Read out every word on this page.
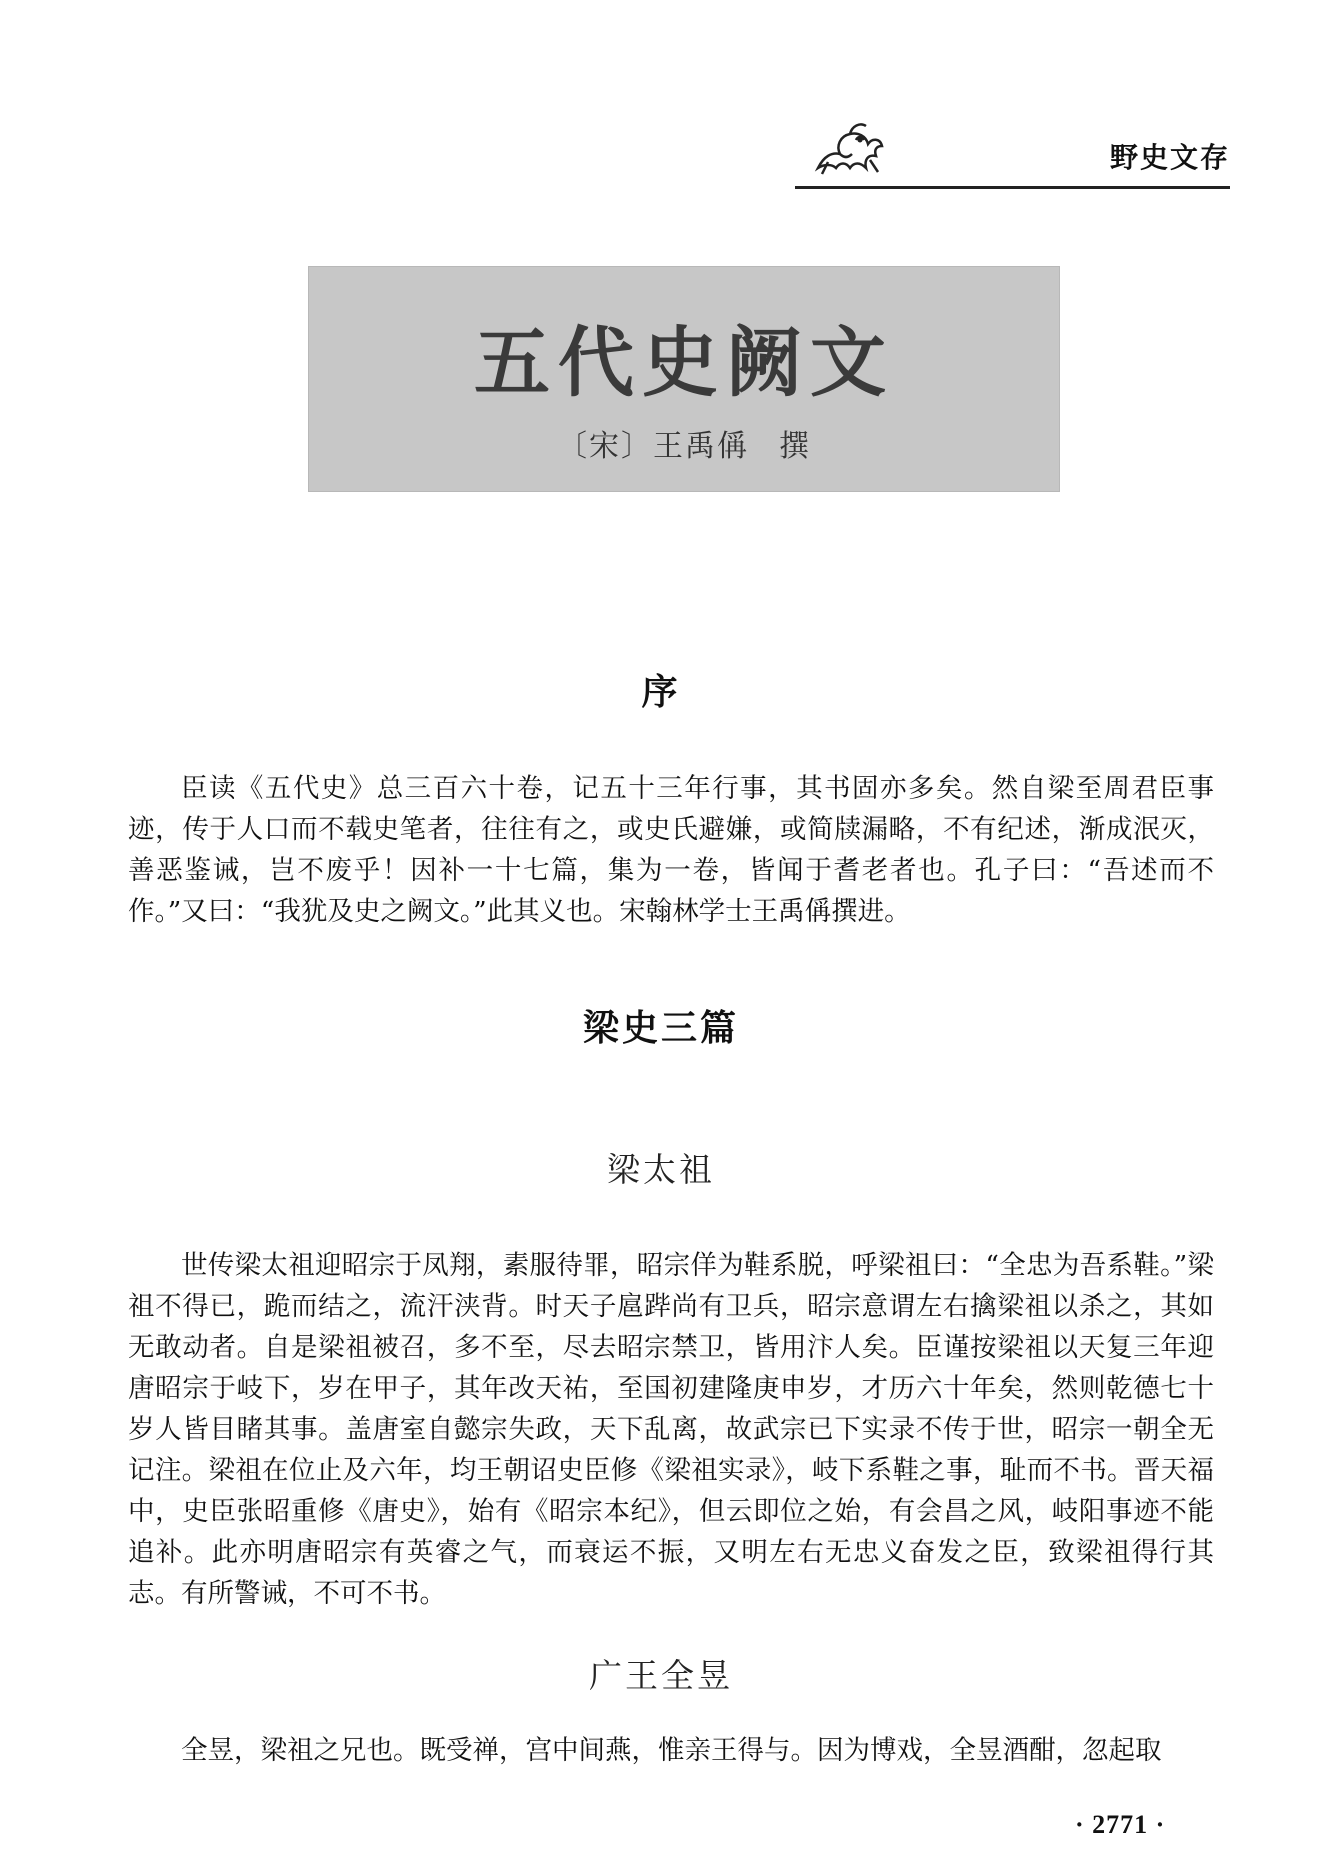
野史文存
五代史阙文
〔宋〕王禹偁 撰
序

臣读《五代史》总三百六十卷，记五十三年行事，其书固亦多矣。然自梁至周君臣事迹，传于人口而不载史笔者，往往有之，或史氏避嫌，或简牍漏略，不有纪述，渐成泯灭，善恶鉴诫，岂不废乎！因补一十七篇，集为一卷，皆闻于耆老者也。孔子曰：“吾述而不作。”又曰：“我犹及史之阙文。”此其义也。宋翰林学士王禹偁撰进。

梁史三篇
梁太祖

世传梁太祖迎昭宗于凤翔，素服待罪，昭宗佯为鞋系脱，呼梁祖曰：“全忠为吾系鞋。”梁祖不得已，跪而结之，流汗浃背。时天子扈跸尚有卫兵，昭宗意谓左右擒梁祖以杀之，其如无敢动者。自是梁祖被召，多不至，尽去昭宗禁卫，皆用汴人矣。臣谨按梁祖以天复三年迎唐昭宗于岐下，岁在甲子，其年改天祐，至国初建隆庚申岁，才历六十年矣，然则乾德七十岁人皆目睹其事。盖唐室自懿宗失政，天下乱离，故武宗已下实录不传于世，昭宗一朝全无记注。梁祖在位止及六年，均王朝诏史臣修《梁祖实录》，岐下系鞋之事，耻而不书。晋天福中，史臣张昭重修《唐史》，始有《昭宗本纪》，但云即位之始，有会昌之风，岐阳事迹不能追补。此亦明唐昭宗有英睿之气，而衰运不振，又明左右无忠义奋发之臣，致梁祖得行其志。有所警诫，不可不书。

广王全昱

全昱，梁祖之兄也。既受禅，宫中间燕，惟亲王得与。因为博戏，全昱酒酣，忽起取

· 2771 ·
